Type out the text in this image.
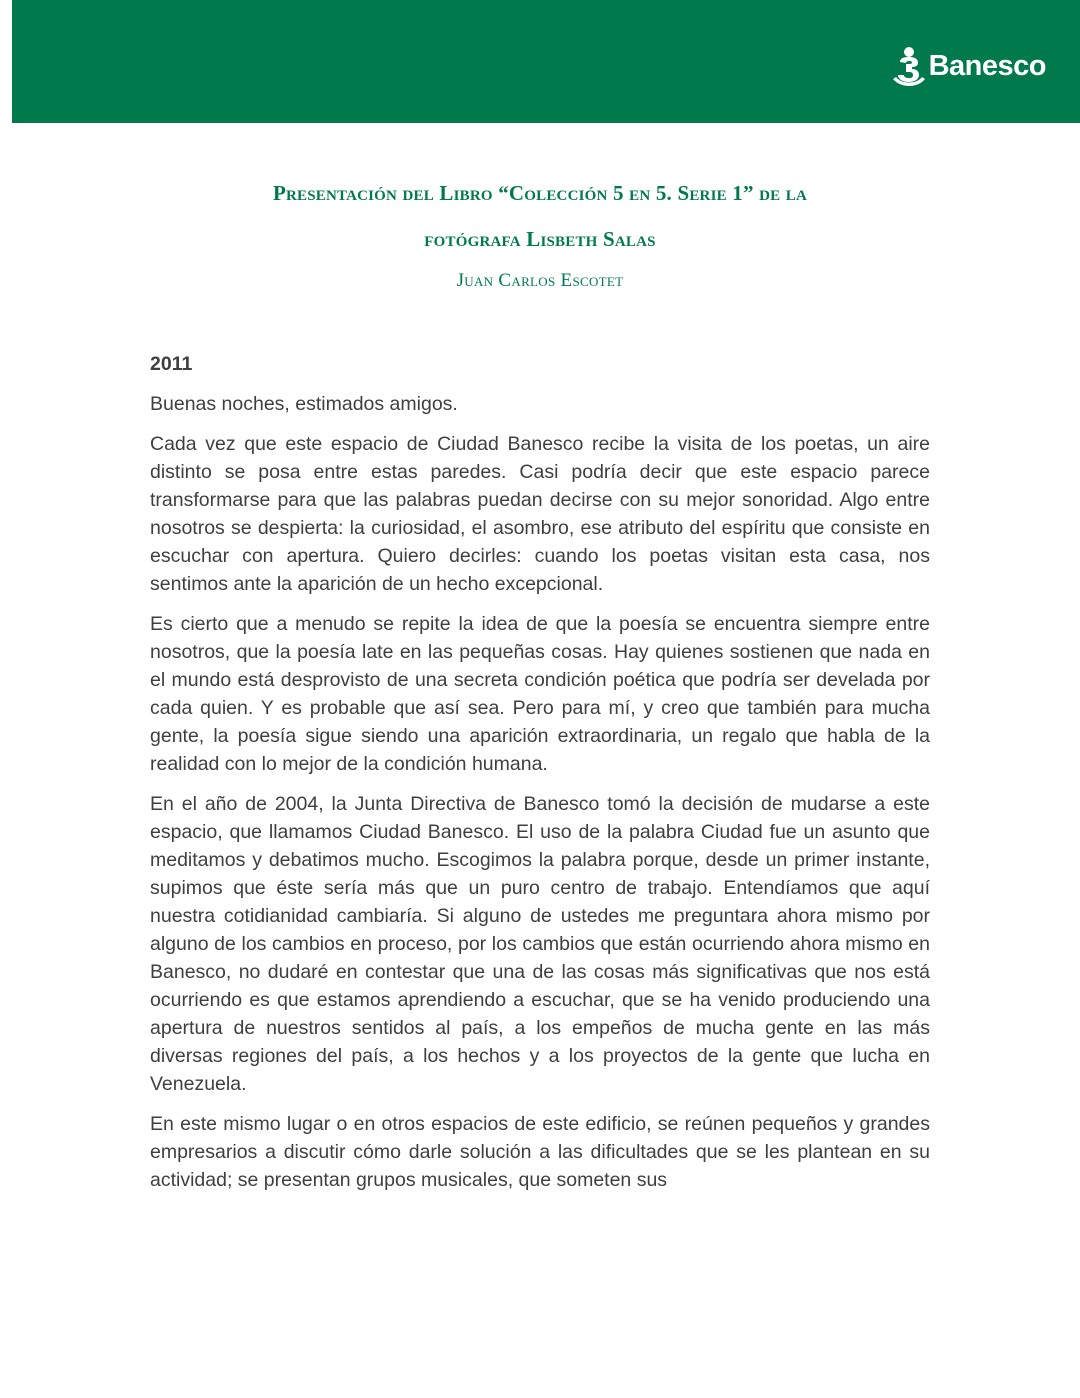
Banesco

Presentación del Libro “Colección 5 en 5. Serie 1” de la

fotógrafa Lisbeth Salas

Juan Carlos Escotet
2011

Buenas noches, estimados amigos.

Cada vez que este espacio de Ciudad Banesco recibe la visita de los poetas, un aire distinto se posa entre estas paredes. Casi podría decir que este espacio parece transformarse para que las palabras puedan decirse con su mejor sonoridad. Algo entre nosotros se despierta: la curiosidad, el asombro, ese atributo del espíritu que consiste en escuchar con apertura. Quiero decirles: cuando los poetas visitan esta casa, nos sentimos ante la aparición de un hecho excepcional.

Es cierto que a menudo se repite la idea de que la poesía se encuentra siempre entre nosotros, que la poesía late en las pequeñas cosas. Hay quienes sostienen que nada en el mundo está desprovisto de una secreta condición poética que podría ser develada por cada quien. Y es probable que así sea. Pero para mí, y creo que también para mucha gente, la poesía sigue siendo una aparición extraordinaria, un regalo que habla de la realidad con lo mejor de la condición humana.

En el año de 2004, la Junta Directiva de Banesco tomó la decisión de mudarse a este espacio, que llamamos Ciudad Banesco. El uso de la palabra Ciudad fue un asunto que meditamos y debatimos mucho. Escogimos la palabra porque, desde un primer instante, supimos que éste sería más que un puro centro de trabajo. Entendíamos que aquí nuestra cotidianidad cambiaría. Si alguno de ustedes me preguntara ahora mismo por alguno de los cambios en proceso, por los cambios que están ocurriendo ahora mismo en Banesco, no dudaré en contestar que una de las cosas más significativas que nos está ocurriendo es que estamos aprendiendo a escuchar, que se ha venido produciendo una apertura de nuestros sentidos al país, a los empeños de mucha gente en las más diversas regiones del país, a los hechos y a los proyectos de la gente que lucha en Venezuela.

En este mismo lugar o en otros espacios de este edificio, se reúnen pequeños y grandes empresarios a discutir cómo darle solución a las dificultades que se les plantean en su actividad; se presentan grupos musicales, que someten sus
